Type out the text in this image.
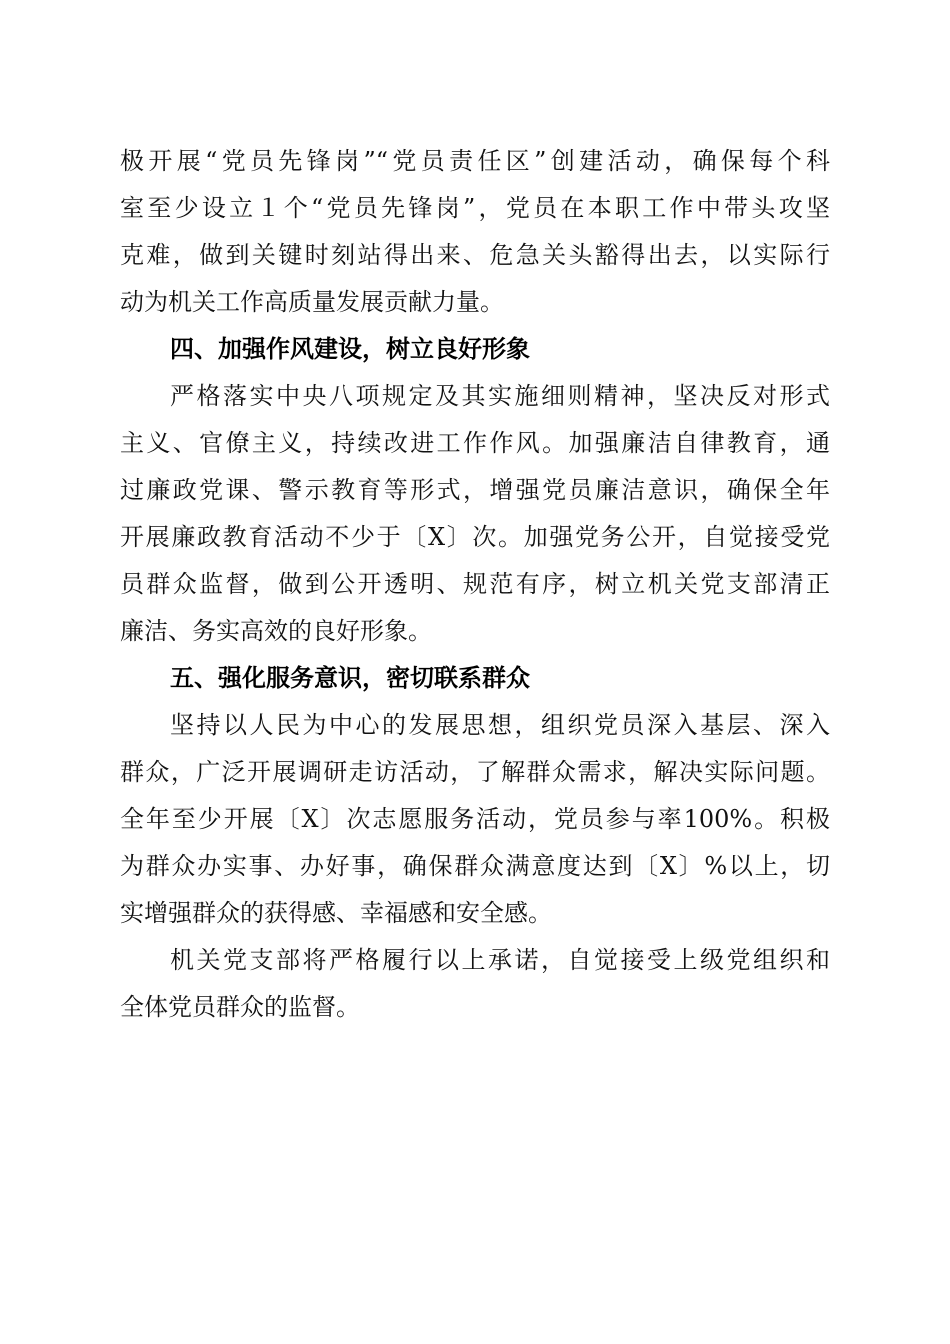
极开展“党员先锋岗”“党员责任区”创建活动，确保每个科
室至少设立１个“党员先锋岗”，党员在本职工作中带头攻坚
克难，做到关键时刻站得出来、危急关头豁得出去，以实际行
动为机关工作高质量发展贡献力量。
四、加强作风建设，树立良好形象
严格落实中央八项规定及其实施细则精神，坚决反对形式
主义、官僚主义，持续改进工作作风。加强廉洁自律教育，通
过廉政党课、警示教育等形式，增强党员廉洁意识，确保全年
开展廉政教育活动不少于〔X〕次。加强党务公开，自觉接受党
员群众监督，做到公开透明、规范有序，树立机关党支部清正
廉洁、务实高效的良好形象。
五、强化服务意识，密切联系群众
坚持以人民为中心的发展思想，组织党员深入基层、深入
群众，广泛开展调研走访活动，了解群众需求，解决实际问题。
全年至少开展〔X〕次志愿服务活动，党员参与率100%。积极
为群众办实事、办好事，确保群众满意度达到〔X〕%以上，切
实增强群众的获得感、幸福感和安全感。
机关党支部将严格履行以上承诺，自觉接受上级党组织和
全体党员群众的监督。
